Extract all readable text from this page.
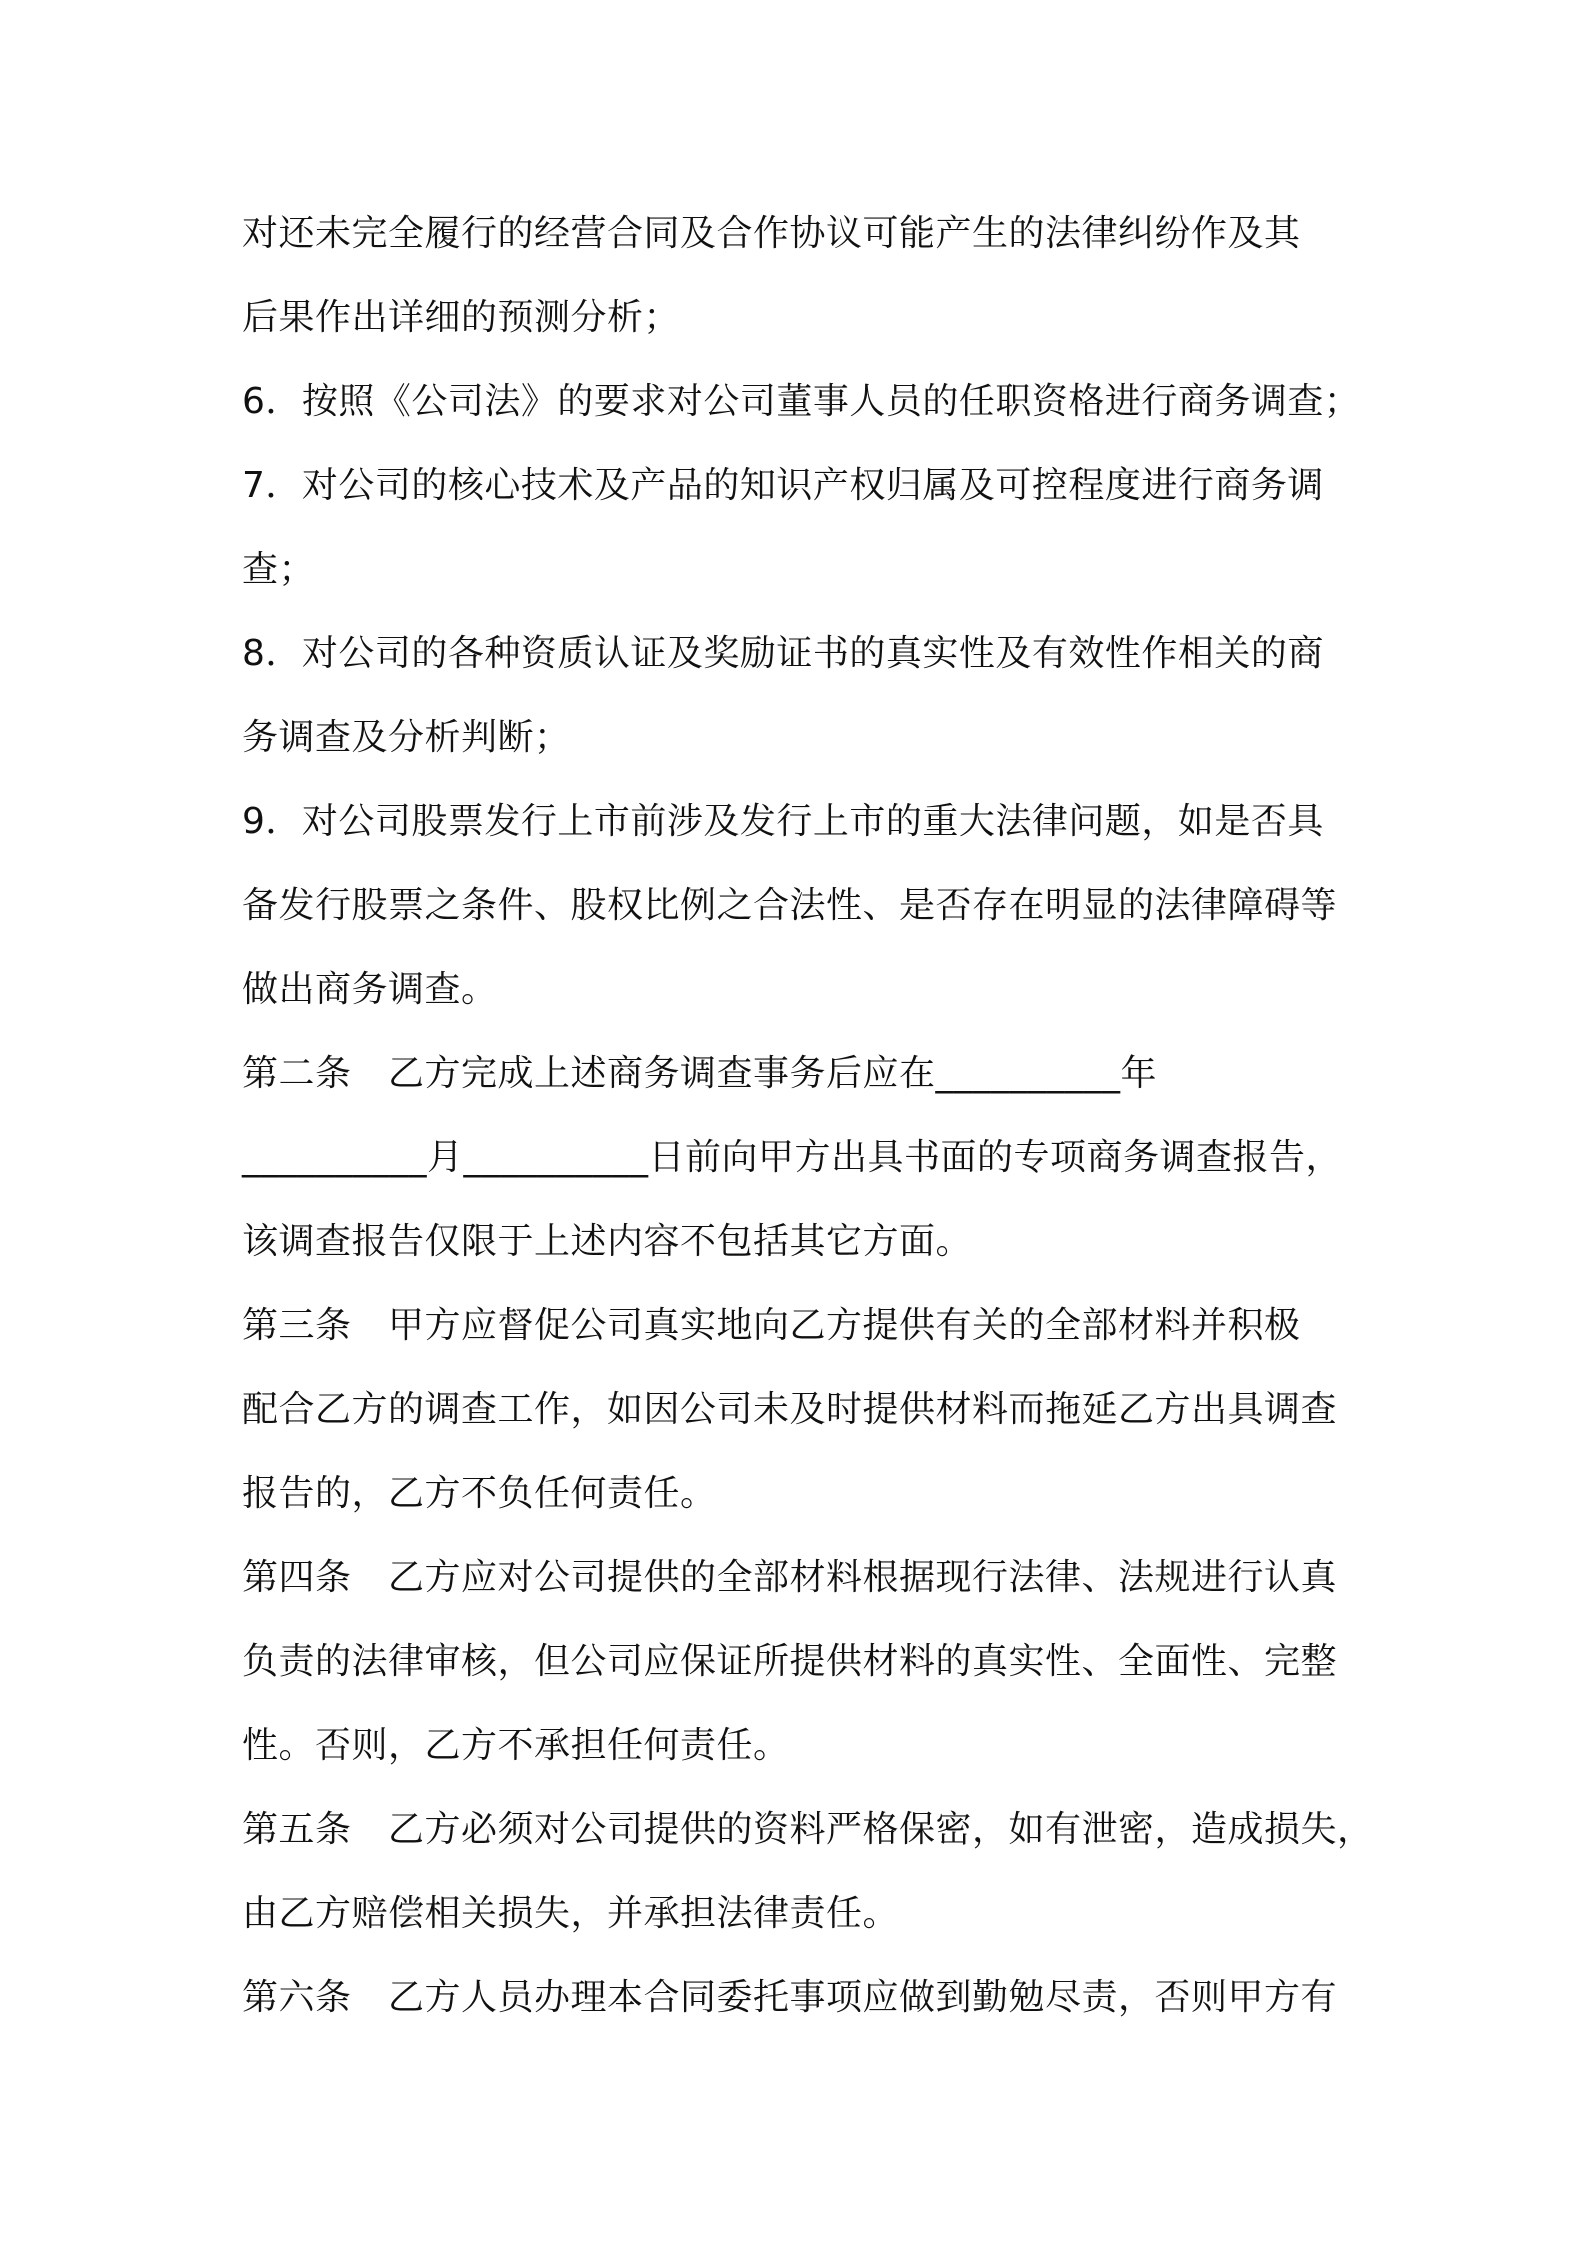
对还未完全履行的经营合同及合作协议可能产生的法律纠纷作及其
后果作出详细的预测分析；
6．按照《公司法》的要求对公司董事人员的任职资格进行商务调查；
7．对公司的核心技术及产品的知识产权归属及可控程度进行商务调
查；
8．对公司的各种资质认证及奖励证书的真实性及有效性作相关的商
务调查及分析判断；
9．对公司股票发行上市前涉及发行上市的重大法律问题，如是否具
备发行股票之条件、股权比例之合法性、是否存在明显的法律障碍等
做出商务调查。
第二条　乙方完成上述商务调查事务后应在__________年
__________月__________日前向甲方出具书面的专项商务调查报告，
该调查报告仅限于上述内容不包括其它方面。
第三条　甲方应督促公司真实地向乙方提供有关的全部材料并积极
配合乙方的调查工作，如因公司未及时提供材料而拖延乙方出具调查
报告的，乙方不负任何责任。
第四条　乙方应对公司提供的全部材料根据现行法律、法规进行认真
负责的法律审核，但公司应保证所提供材料的真实性、全面性、完整
性。否则，乙方不承担任何责任。
第五条　乙方必须对公司提供的资料严格保密，如有泄密，造成损失，
由乙方赔偿相关损失，并承担法律责任。
第六条　乙方人员办理本合同委托事项应做到勤勉尽责，否则甲方有
